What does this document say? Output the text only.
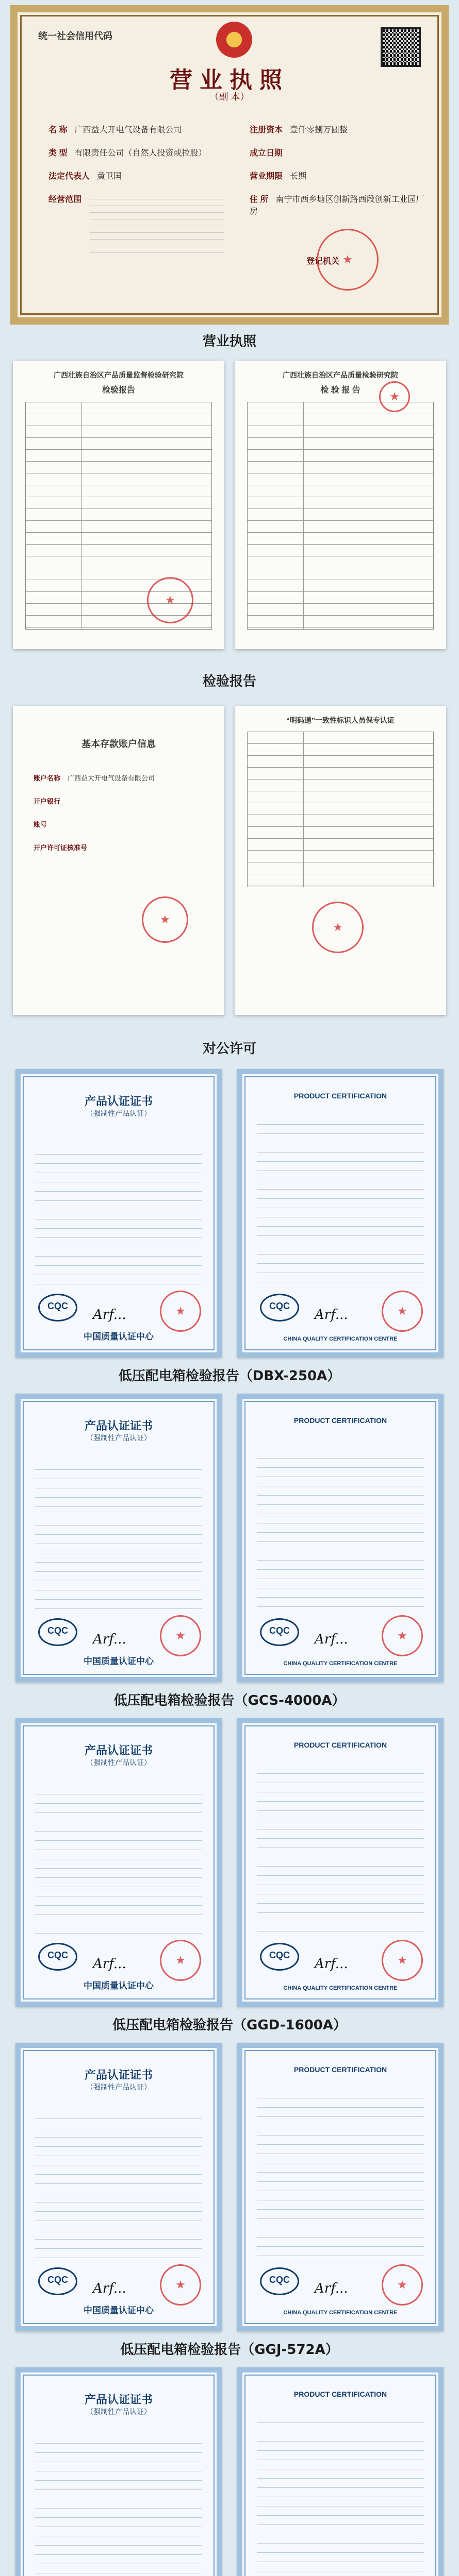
统一社会信用代码
营业执照
（副 本）
名 称 广西益大开电气设备有限公司
类 型 有限责任公司（自然人投资或控股）
法定代表人 黄卫国
经营范围
注册资本 壹仟零捌万圆整
成立日期
营业期限 长期
住 所 南宁市西乡塘区创新路西段创新工业园厂房
登记机关
★
营业执照
广西壮族自治区产品质量监督检验研究院
检验报告
★
广西壮族自治区产品质量检验研究院
检 验 报 告
★
检验报告
基本存款账户信息
账户名称 广西益大开电气设备有限公司
开户银行
账号
开户许可证核准号
★
“明码通”一致性标识人员保专认证
★
对公许可
产品认证证书
（强制性产品认证）
CQC
Arf...
★
中国质量认证中心
PRODUCT CERTIFICATION
CQC
Arf...
★
CHINA QUALITY CERTIFICATION CENTRE
低压配电箱检验报告（DBX-250A）
产品认证证书
（强制性产品认证）
CQC
Arf...
★
中国质量认证中心
PRODUCT CERTIFICATION
CQC
Arf...
★
CHINA QUALITY CERTIFICATION CENTRE
低压配电箱检验报告（GCS-4000A）
产品认证证书
（强制性产品认证）
CQC
Arf...
★
中国质量认证中心
PRODUCT CERTIFICATION
CQC
Arf...
★
CHINA QUALITY CERTIFICATION CENTRE
低压配电箱检验报告（GGD-1600A）
产品认证证书
（强制性产品认证）
CQC
Arf...
★
中国质量认证中心
PRODUCT CERTIFICATION
CQC
Arf...
★
CHINA QUALITY CERTIFICATION CENTRE
低压配电箱检验报告（GGJ-572A）
产品认证证书
（强制性产品认证）
PRODUCT CERTIFICATION
